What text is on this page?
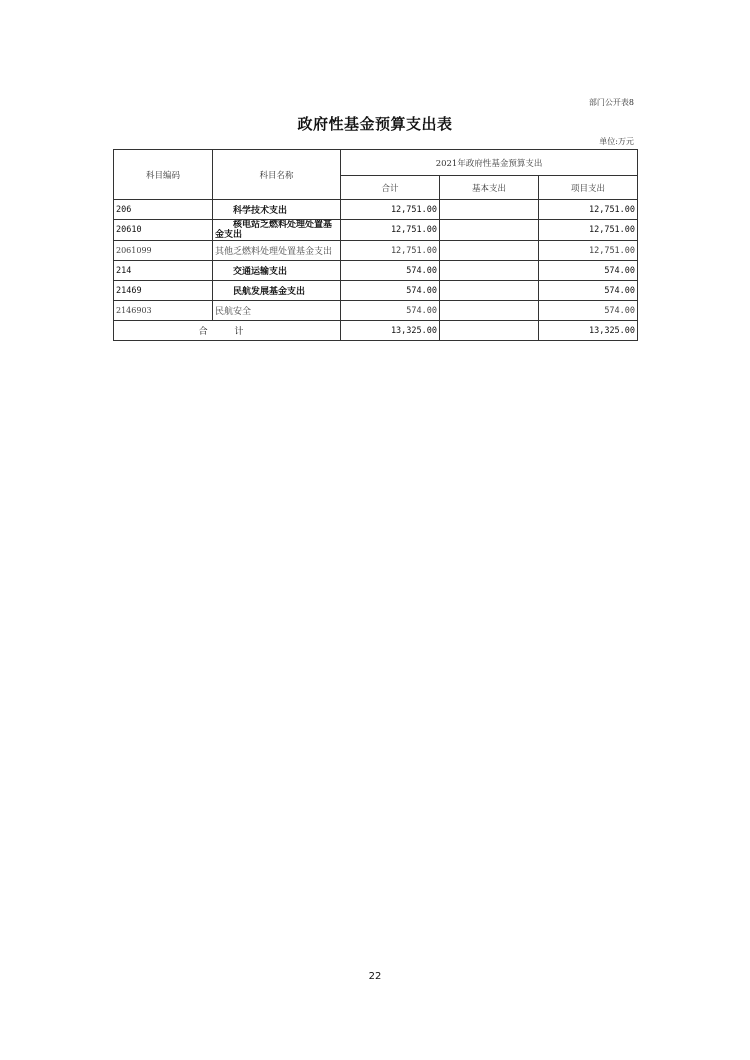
部门公开表8
政府性基金预算支出表
单位:万元
科目编码	科目名称	2021年政府性基金预算支出		
		合计	基本支出	项目支出
206	科学技术支出	12,751.00		12,751.00
20610	核电站乏燃料处理处置基金支出	12,751.00		12,751.00
2061099	其他乏燃料处理处置基金支出	12,751.00		12,751.00
214	交通运输支出	574.00		574.00
21469	民航发展基金支出	574.00		574.00
2146903	民航安全	574.00		574.00
合 计		13,325.00		13,325.00
22
